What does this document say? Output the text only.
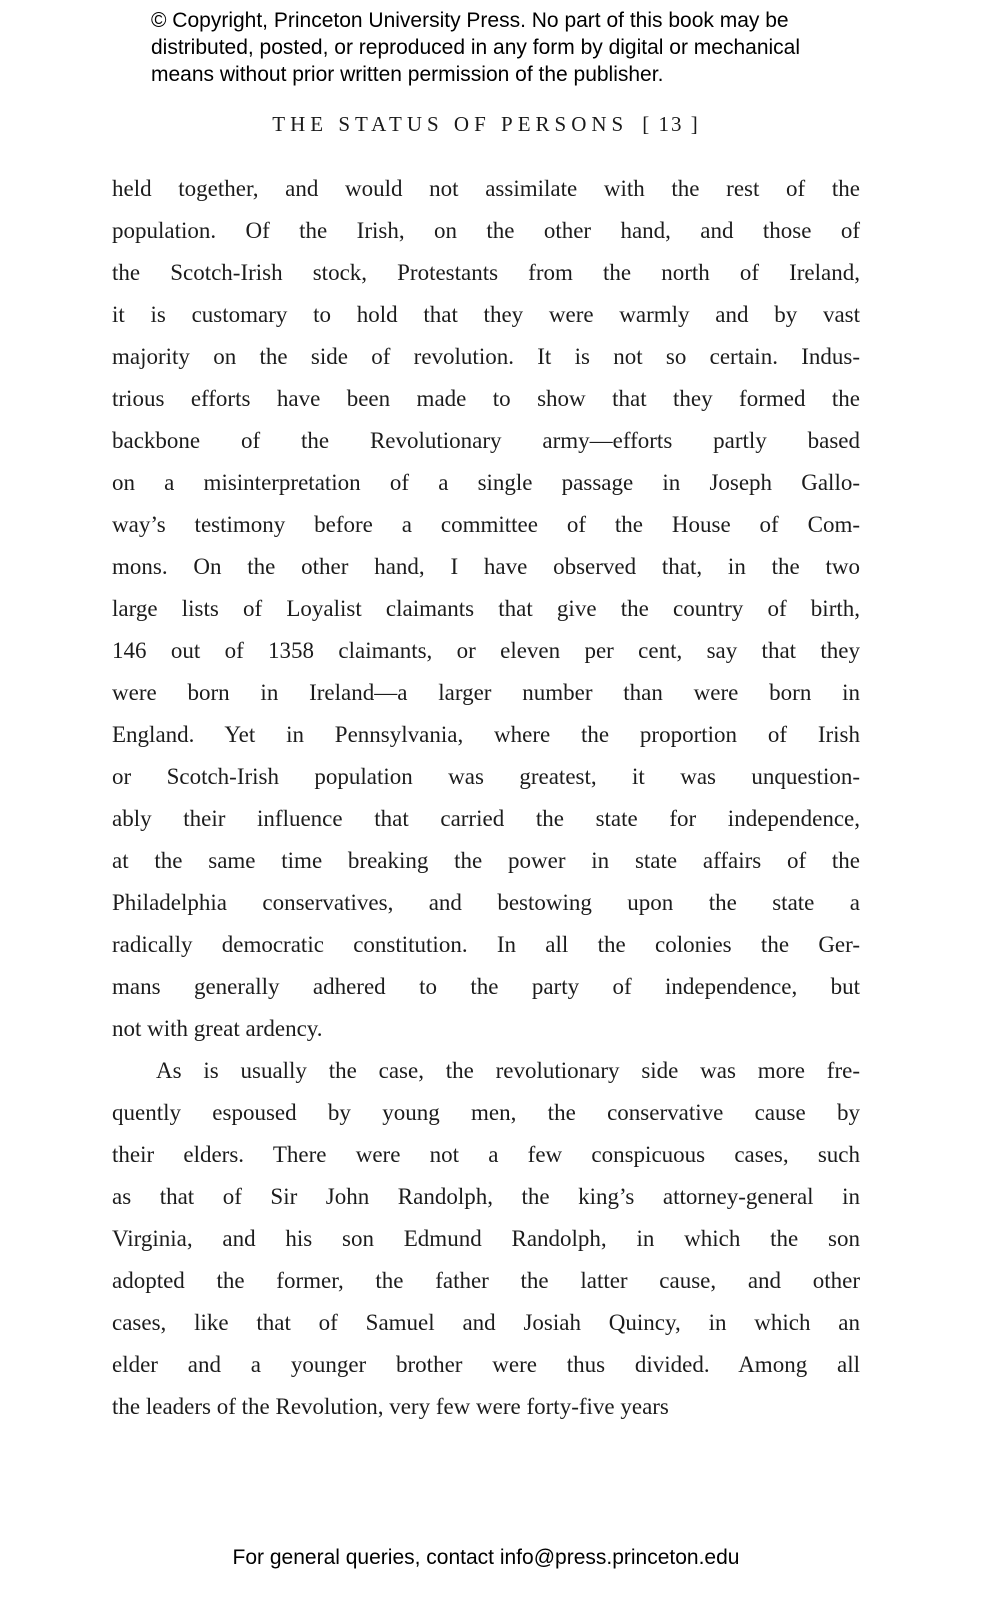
© Copyright, Princeton University Press. No part of this book may be
distributed, posted, or reproduced in any form by digital or mechanical
means without prior written permission of the publisher.
THE STATUS OF PERSONS [ 13 ]
held together, and would not assimilate with the rest of the
population. Of the Irish, on the other hand, and those of
the Scotch-Irish stock, Protestants from the north of Ireland,
it is customary to hold that they were warmly and by vast
majority on the side of revolution. It is not so certain. Indus-
trious efforts have been made to show that they formed the
backbone of the Revolutionary army—efforts partly based
on a misinterpretation of a single passage in Joseph Gallo-
way’s testimony before a committee of the House of Com-
mons. On the other hand, I have observed that, in the two
large lists of Loyalist claimants that give the country of birth,
146 out of 1358 claimants, or eleven per cent, say that they
were born in Ireland—a larger number than were born in
England. Yet in Pennsylvania, where the proportion of Irish
or Scotch-Irish population was greatest, it was unquestion-
ably their influence that carried the state for independence,
at the same time breaking the power in state affairs of the
Philadelphia conservatives, and bestowing upon the state a
radically democratic constitution. In all the colonies the Ger-
mans generally adhered to the party of independence, but
not with great ardency.
As is usually the case, the revolutionary side was more fre-
quently espoused by young men, the conservative cause by
their elders. There were not a few conspicuous cases, such
as that of Sir John Randolph, the king’s attorney-general in
Virginia, and his son Edmund Randolph, in which the son
adopted the former, the father the latter cause, and other
cases, like that of Samuel and Josiah Quincy, in which an
elder and a younger brother were thus divided. Among all
the leaders of the Revolution, very few were forty-five years
For general queries, contact info@press.princeton.edu
